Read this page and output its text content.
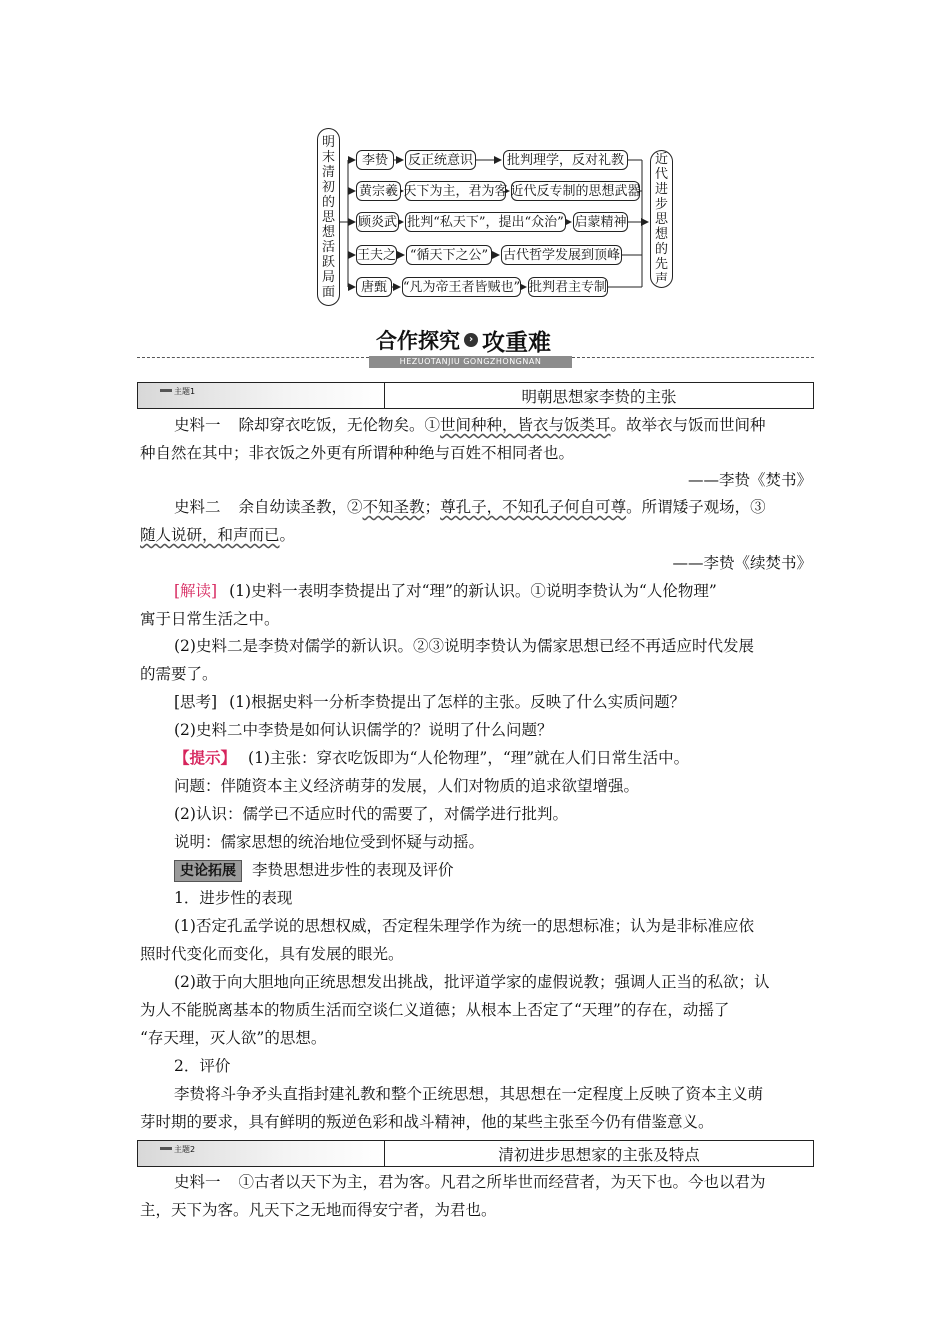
明
末
清
初
的
思
想
活
跃
局
面
近
代
进
步
思
想
的
先
声
李贽	反正统意识	批判理学，反对礼教
黄宗羲 天下为主，君为客 近代反专制的思想武器
顾炎武 批判“私天下”，提出“众治” 启蒙精神
王夫之 “循天下之公” 古代哲学发展到顶峰
唐甄	“凡为帝王者皆贼也” 批判君主专制
合作探究 › 攻重难
HEZUOTANJIU GONGZHONGNAN
主题1	明朝思想家李贽的主张
史料一 除却穿衣吃饭，无伦物矣。①世间种种，皆衣与饭类耳。故举衣与饭而世间种
种自然在其中；非衣饭之外更有所谓种种绝与百姓不相同者也。
——李贽《焚书》
史料二 余自幼读圣教，②不知圣教；尊孔子，不知孔子何自可尊。所谓矮子观场，③
随人说研，和声而已。
——李贽《续焚书》
[解读] (1)史料一表明李贽提出了对“理”的新认识。①说明李贽认为“人伦物理”
寓于日常生活之中。
(2)史料二是李贽对儒学的新认识。②③说明李贽认为儒家思想已经不再适应时代发展
的需要了。
[思考] (1)根据史料一分析李贽提出了怎样的主张。反映了什么实质问题？
(2)史料二中李贽是如何认识儒学的？说明了什么问题？
【提示】 (1)主张：穿衣吃饭即为“人伦物理”，“理”就在人们日常生活中。
问题：伴随资本主义经济萌芽的发展，人们对物质的追求欲望增强。
(2)认识：儒学已不适应时代的需要了，对儒学进行批判。
说明：儒家思想的统治地位受到怀疑与动摇。
史论拓展 李贽思想进步性的表现及评价
1．进步性的表现
(1)否定孔孟学说的思想权威，否定程朱理学作为统一的思想标准；认为是非标准应依
照时代变化而变化，具有发展的眼光。
(2)敢于向大胆地向正统思想发出挑战，批评道学家的虚假说教；强调人正当的私欲；认
为人不能脱离基本的物质生活而空谈仁义道德；从根本上否定了“天理”的存在，动摇了
“存天理，灭人欲”的思想。
2．评价
李贽将斗争矛头直指封建礼教和整个正统思想，其思想在一定程度上反映了资本主义萌
芽时期的要求，具有鲜明的叛逆色彩和战斗精神，他的某些主张至今仍有借鉴意义。
主题2	清初进步思想家的主张及特点
史料一 ①古者以天下为主，君为客。凡君之所毕世而经营者，为天下也。今也以君为
主，天下为客。凡天下之无地而得安宁者，为君也。
